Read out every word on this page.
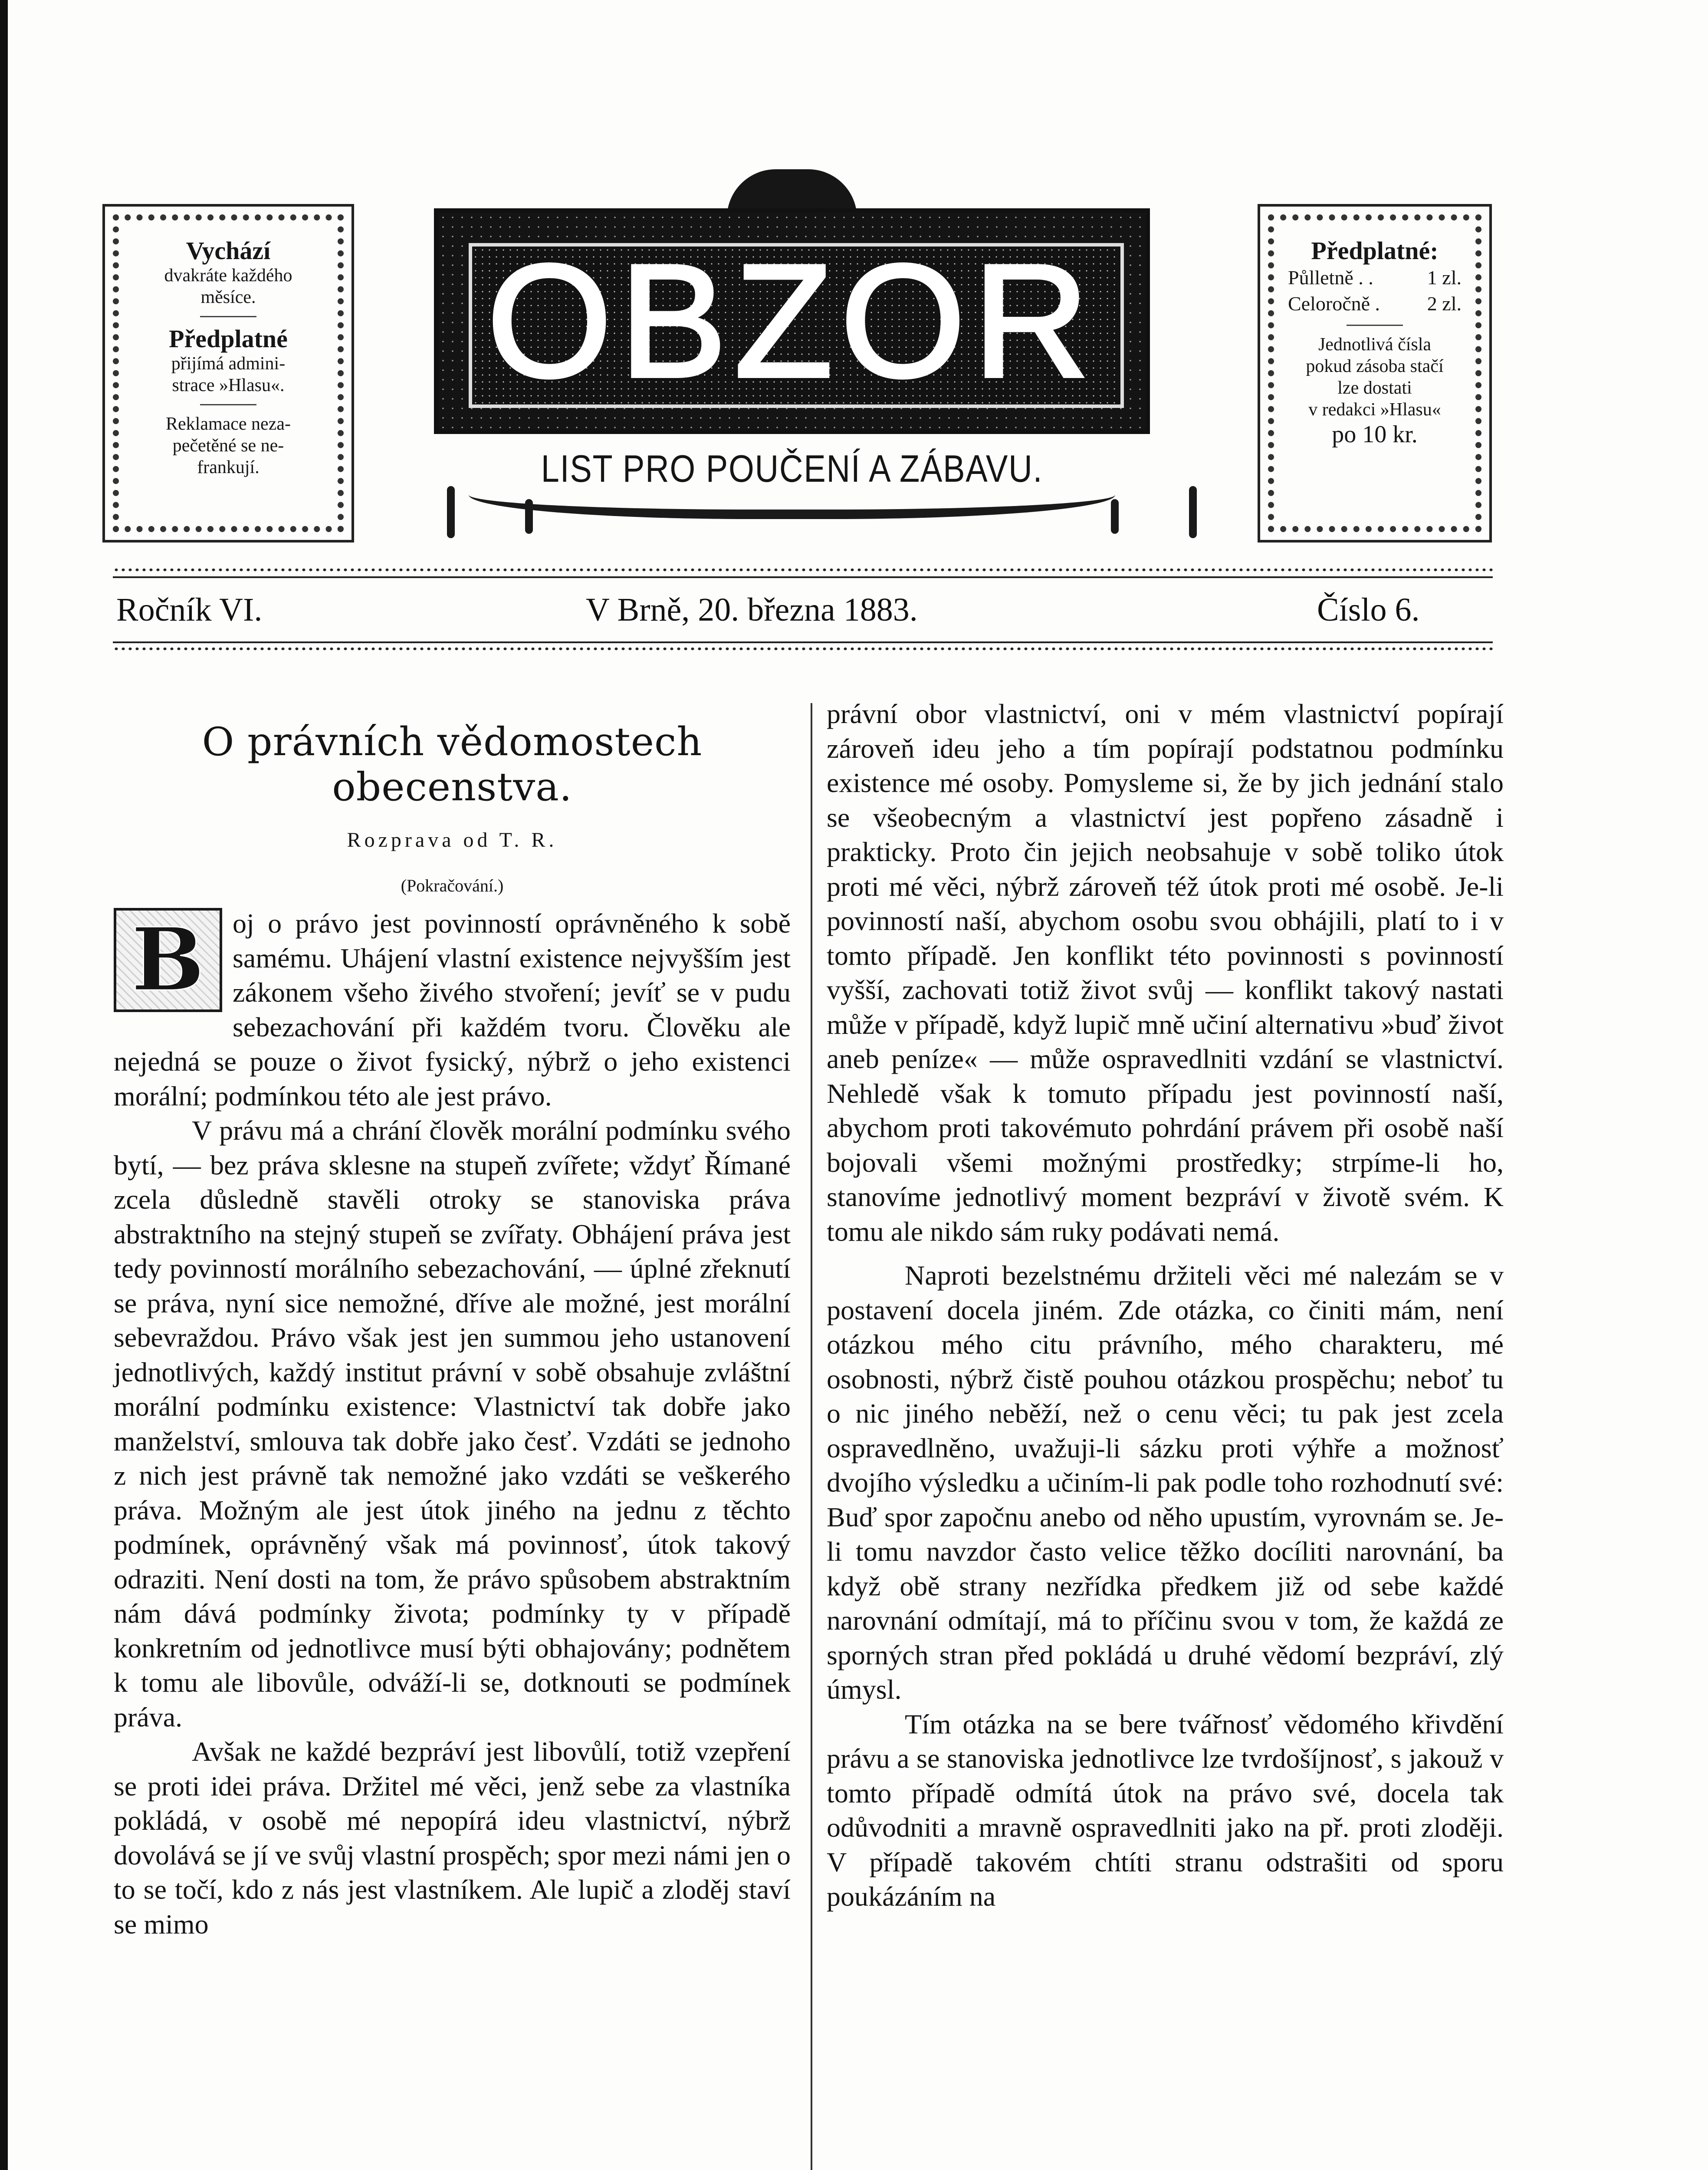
Vychází
dvakráte každého
měsíce.
Předplatné
přijímá admini-
strace »Hlasu«.
Reklamace neza-
pečetěné se ne-
frankují.
OBZOR
LIST PRO POUČENÍ A ZÁBAVU.
Předplatné:
Půlletně . .	1 zl.
Celoročně . 2 zl.
Jednotlivá čísla
pokud zásoba stačí
lze dostati
v redakci »Hlasu«
po 10 kr.
Ročník VI.	V Brně, 20. března 1883.	Číslo 6.
O právních vědomostech
obecenstva.
Rozprava od T. R.
(Pokračování.)

B	oj o právo jest povinností oprávněného k sobě samému. Uhájení vlastní existence nejvyšším jest zákonem všeho živého stvoření; jevíť se v pudu sebezachování při každém tvoru. Člověku ale nejedná se pouze o život fysický, nýbrž o jeho existenci morální; podmínkou této ale jest právo.

V právu má a chrání člověk morální podmínku svého bytí, — bez práva sklesne na stupeň zvířete; vždyť Římané zcela důsledně stavěli otroky se stanoviska práva abstraktního na stejný stupeň se zvířaty. Obhájení práva jest tedy povinností morálního sebezachování, — úplné zřeknutí se práva, nyní sice nemožné, dříve ale možné, jest morální sebevraždou. Právo však jest jen summou jeho ustanovení jednotlivých, každý institut právní v sobě obsahuje zvláštní morální podmínku existence: Vlastnictví tak dobře jako manželství, smlouva tak dobře jako česť. Vzdáti se jednoho z nich jest právně tak nemožné jako vzdáti se veškerého práva. Možným ale jest útok jiného na jednu z těchto podmínek, oprávněný však má povinnosť, útok takový odraziti. Není dosti na tom, že právo spůsobem abstraktním nám dává podmínky života; podmínky ty v případě konkretním od jednotlivce musí býti obhajovány; podnětem k tomu ale libovůle, odváží-li se, dotknouti se podmínek práva.

Avšak ne každé bezpráví jest libovůlí, totiž vzepření se proti idei práva. Držitel mé věci, jenž sebe za vlastníka pokládá, v osobě mé nepopírá ideu vlastnictví, nýbrž dovolává se jí ve svůj vlastní prospěch; spor mezi námi jen o to se točí, kdo z nás jest vlastníkem. Ale lupič a zloděj staví se mimo

právní obor vlastnictví, oni v mém vlastnictví popírají zároveň ideu jeho a tím popírají podstatnou podmínku existence mé osoby. Pomysleme si, že by jich jednání stalo se všeobecným a vlastnictví jest popřeno zásadně i prakticky. Proto čin jejich neobsahuje v sobě toliko útok proti mé věci, nýbrž zároveň též útok proti mé osobě. Je-li povinností naší, abychom osobu svou obhájili, platí to i v tomto případě. Jen konflikt této povinnosti s povinností vyšší, zachovati totiž život svůj — konflikt takový nastati může v případě, když lupič mně učiní alternativu »buď život aneb peníze« — může ospravedlniti vzdání se vlastnictví. Nehledě však k tomuto případu jest povinností naší, abychom proti takovémuto pohrdání právem při osobě naší bojovali všemi možnými prostředky; strpíme-li ho, stanovíme jednotlivý moment bezpráví v životě svém. K tomu ale nikdo sám ruky podávati nemá.

Naproti bezelstnému držiteli věci mé nalezám se v postavení docela jiném. Zde otázka, co činiti mám, není otázkou mého citu právního, mého charakteru, mé osobnosti, nýbrž čistě pouhou otázkou prospěchu; neboť tu o nic jiného neběží, než o cenu věci; tu pak jest zcela ospravedlněno, uvažuji-li sázku proti výhře a možnosť dvojího výsledku a učiním-li pak podle toho rozhodnutí své: Buď spor započnu anebo od něho upustím, vyrovnám se. Je-li tomu navzdor často velice těžko docíliti narovnání, ba když obě strany nezřídka předkem již od sebe každé narovnání odmítají, má to příčinu svou v tom, že každá ze sporných stran před pokládá u druhé vědomí bezpráví, zlý úmysl.

Tím otázka na se bere tvářnosť vědomého křivdění právu a se stanoviska jednotlivce lze tvrdošíjnosť, s jakouž v tomto případě odmítá útok na právo své, docela tak odůvodniti a mravně ospravedlniti jako na př. proti zloději. V případě takovém chtíti stranu odstrašiti od sporu poukázáním na
